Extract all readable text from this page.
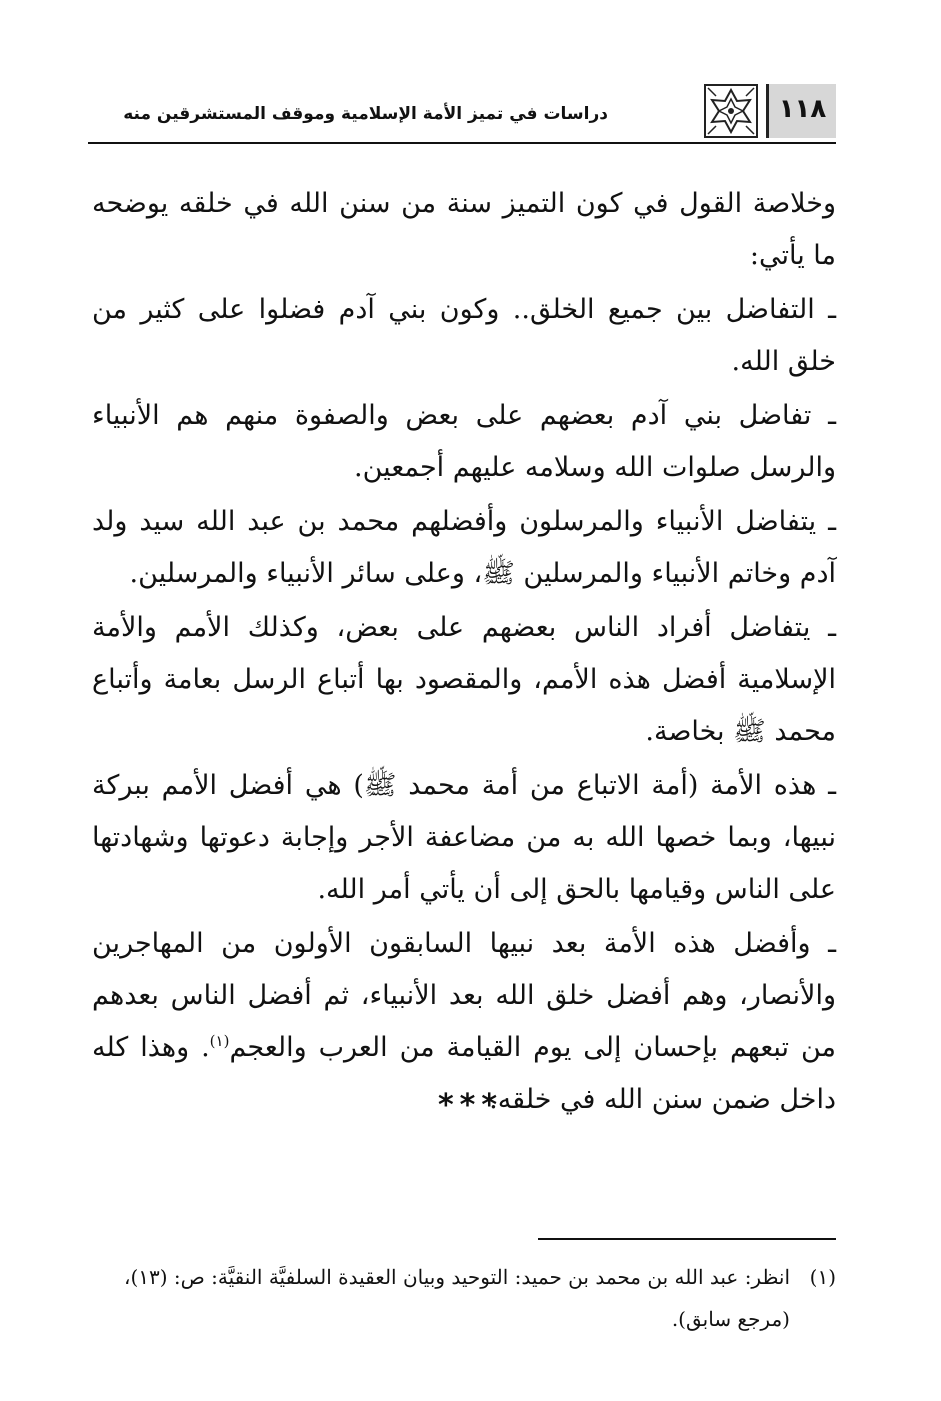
١١٨
دراسات في تميز الأمة الإسلامية وموقف المستشرقين منه

وخلاصة القول في كون التميز سنة من سنن الله في خلقه يوضحه ما يأتي:

ـ التفاضل بين جميع الخلق.. وكون بني آدم فضلوا على كثير من خلق الله.

ـ تفاضل بني آدم بعضهم على بعض والصفوة منهم هم الأنبياء والرسل صلوات الله وسلامه عليهم أجمعين.

ـ يتفاضل الأنبياء والمرسلون وأفضلهم محمد بن عبد الله سيد ولد آدم وخاتم الأنبياء والمرسلين ﷺ، وعلى سائر الأنبياء والمرسلين.

ـ يتفاضل أفراد الناس بعضهم على بعض، وكذلك الأمم والأمة الإسلامية أفضل هذه الأمم، والمقصود بها أتباع الرسل بعامة وأتباع محمد ﷺ بخاصة.

ـ هذه الأمة (أمة الاتباع من أمة محمد ﷺ) هي أفضل الأمم ببركة نبيها، وبما خصها الله به من مضاعفة الأجر وإجابة دعوتها وشهادتها على الناس وقيامها بالحق إلى أن يأتي أمر الله.

ـ وأفضل هذه الأمة بعد نبيها السابقون الأولون من المهاجرين والأنصار، وهم أفضل خلق الله بعد الأنبياء، ثم أفضل الناس بعدهم من تبعهم بإحسان إلى يوم القيامة من العرب والعجم$^{(١)}$. وهذا كله داخل ضمن سنن الله في خلقه.

***
(١)انظر: عبد الله بن محمد بن حميد: التوحيد وبيان العقيدة السلفيَّة النقيَّة: ص: (١٣)،
(مرجع سابق).
